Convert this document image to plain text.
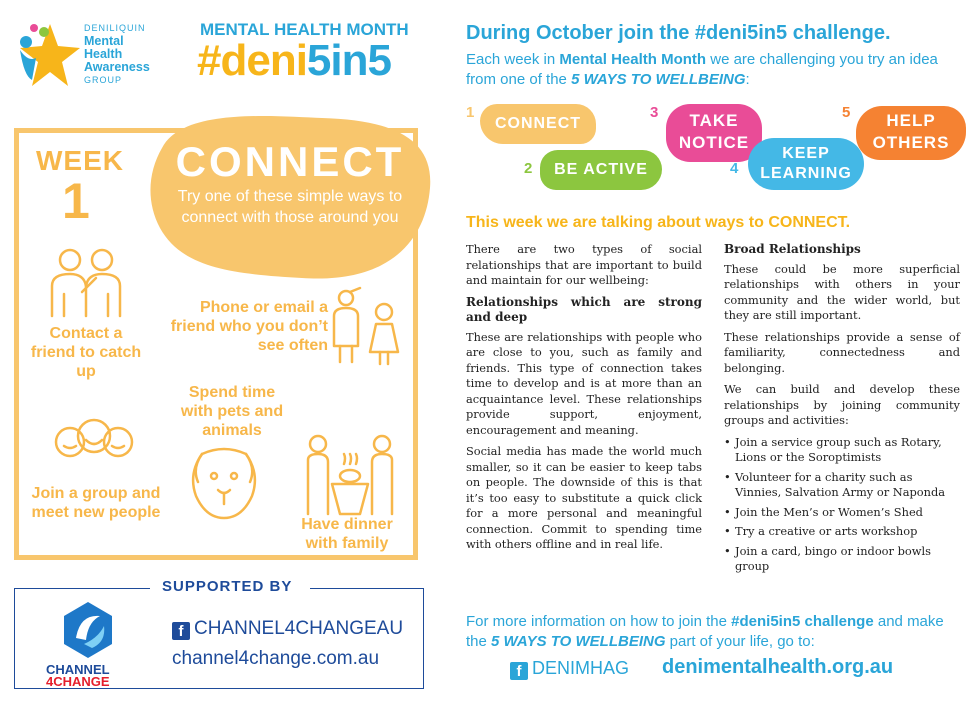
DENILIQUIN
Mental
Health
Awareness
GROUP
MENTAL HEALTH MONTH
#deni5in5
WEEK
1
CONNECT
Try one of these simple ways to connect with those around you
Contact a friend to catch up
Phone or email a friend who you don’t see often
Spend time with pets and animals
Join a group and meet new people
Have dinner with family
SUPPORTED BY
CHANNEL
4CHANGE
f CHANNEL4CHANGEAU
channel4change.com.au
During October join the #deni5in5 challenge.
Each week in Mental Health Month we are challenging you try an idea from one of the 5 WAYS TO WELLBEING:
1
CONNECT
2	BE ACTIVE
3	TAKE NOTICE
4
KEEP LEARNING
5	HELP OTHERS
This week we are talking about ways to CONNECT.

There are two types of social relationships that are important to build and maintain for our wellbeing:

Relationships which are strong and deep

These are relationships with people who are close to you, such as family and friends. This type of connection takes time to develop and is at more than an acquaintance level. These relationships provide support, enjoyment, encouragement and meaning.

Social media has made the world much smaller, so it can be easier to keep tabs on people. The downside of this is that it’s too easy to substitute a quick click for a more personal and meaningful connection. Commit to spending time with others offline and in real life.

Broad Relationships

These could be more superficial relationships with others in your community and the wider world, but they are still important.

These relationships provide a sense of familiarity, connectedness and belonging.

We can build and develop these relationships by joining community groups and activities:

• Join a service group such as Rotary, Lions or the Soroptimists
• Volunteer for a charity such as Vinnies, Salvation Army or Naponda
• Join the Men’s or Women’s Shed
• Try a creative or arts workshop
• Join a card, bingo or indoor bowls group
For more information on how to join the #deni5in5 challenge and make the 5 WAYS TO WELLBEING part of your life, go to:
f DENIMHAG denimentalhealth.org.au
